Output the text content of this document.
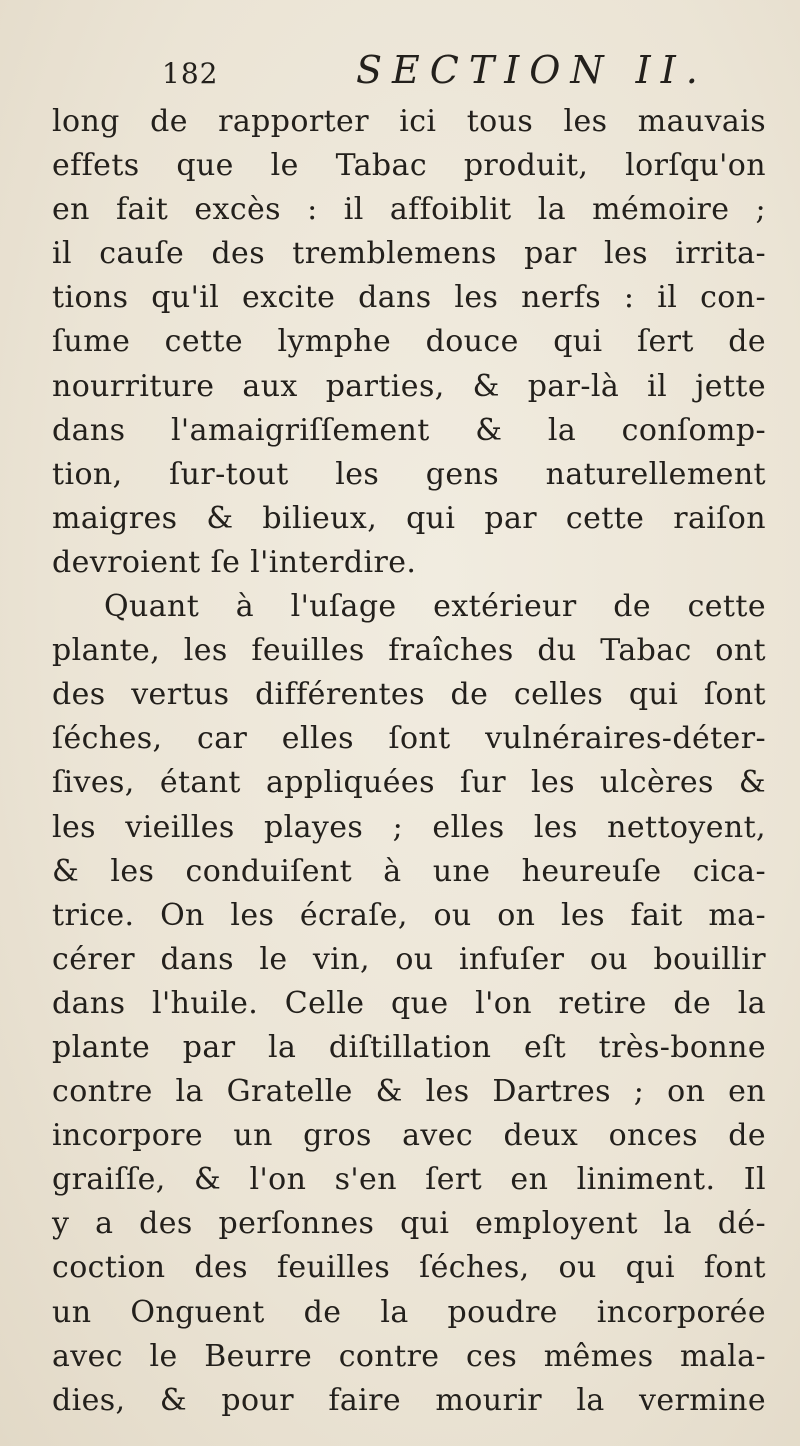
182	SECTION II.
long de rapporter ici tous les mauvais
effets que le Tabac produit, lorſqu'on
en fait excès : il affoiblit la mémoire ;
il cauſe des tremblemens par les irrita-
tions qu'il excite dans les nerfs : il con-
ſume cette lymphe douce qui ſert de
nourriture aux parties, & par-là il jette
dans l'amaigriſſement & la conſomp-
tion, ſur-tout les gens naturellement
maigres & bilieux, qui par cette raiſon
devroient ſe l'interdire.
Quant à l'uſage extérieur de cette
plante, les feuilles fraîches du Tabac ont
des vertus différentes de celles qui ſont
ſéches, car elles ſont vulnéraires-déter-
ſives, étant appliquées ſur les ulcères &
les vieilles playes ; elles les nettoyent,
& les conduiſent à une heureuſe cica-
trice. On les écraſe, ou on les fait ma-
cérer dans le vin, ou infuſer ou bouillir
dans l'huile. Celle que l'on retire de la
plante par la diſtillation eſt très-bonne
contre la Gratelle & les Dartres ; on en
incorpore un gros avec deux onces de
graiſſe, & l'on s'en ſert en liniment. Il
y a des perſonnes qui employent la dé-
coction des feuilles ſéches, ou qui font
un Onguent de la poudre incorporée
avec le Beurre contre ces mêmes mala-
dies, & pour faire mourir la vermine
